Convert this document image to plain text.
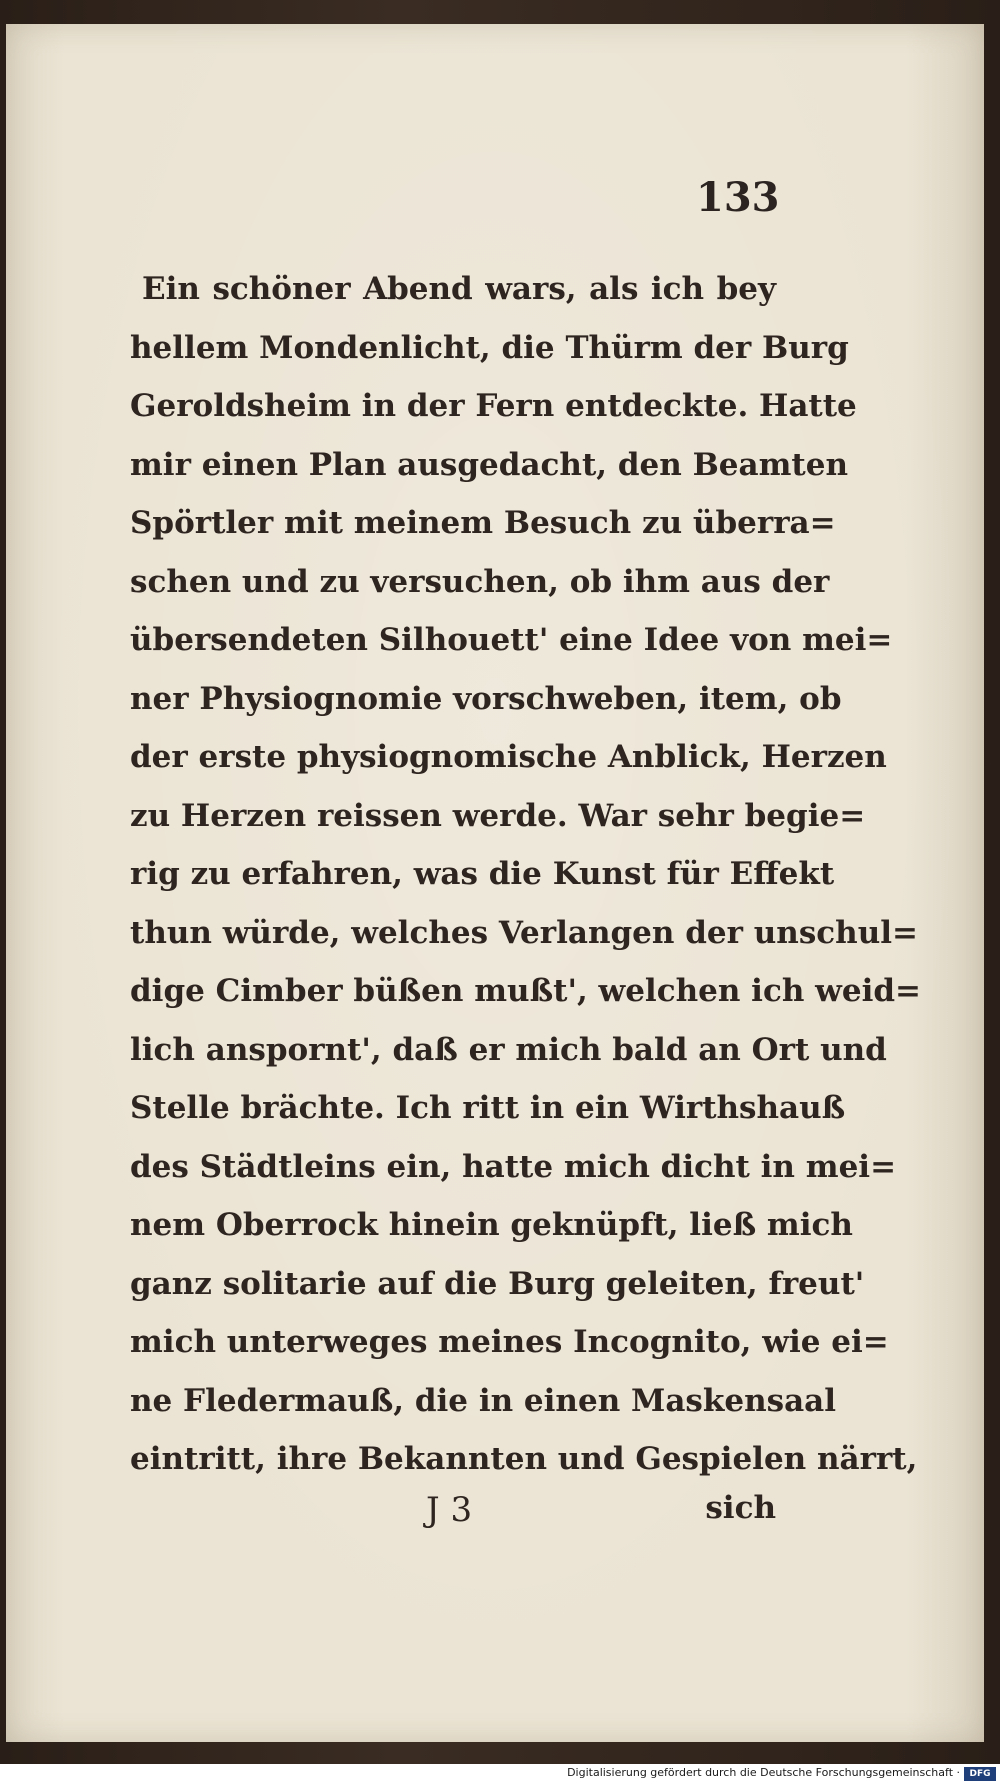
133
Ein schöner Abend wars, als ich bey
hellem Mondenlicht, die Thürm der Burg
Geroldsheim in der Fern entdeckte. Hatte
mir einen Plan ausgedacht, den Beamten
Spörtler mit meinem Besuch zu überra=
schen und zu versuchen, ob ihm aus der
übersendeten Silhouett' eine Idee von mei=
ner Physiognomie vorschweben, item, ob
der erste physiognomische Anblick, Herzen
zu Herzen reissen werde. War sehr begie=
rig zu erfahren, was die Kunst für Effekt
thun würde, welches Verlangen der unschul=
dige Cimber büßen mußt', welchen ich weid=
lich anspornt', daß er mich bald an Ort und
Stelle brächte. Ich ritt in ein Wirthshauß
des Städtleins ein, hatte mich dicht in mei=
nem Oberrock hinein geknüpft, ließ mich
ganz solitarie auf die Burg geleiten, freut'
mich unterweges meines Incognito, wie ei=
ne Fledermauß, die in einen Maskensaal
eintritt, ihre Bekannten und Gespielen närrt,
J 3	sich
Digitalisierung gefördert durch die Deutsche Forschungsgemeinschaft ·	DFG
